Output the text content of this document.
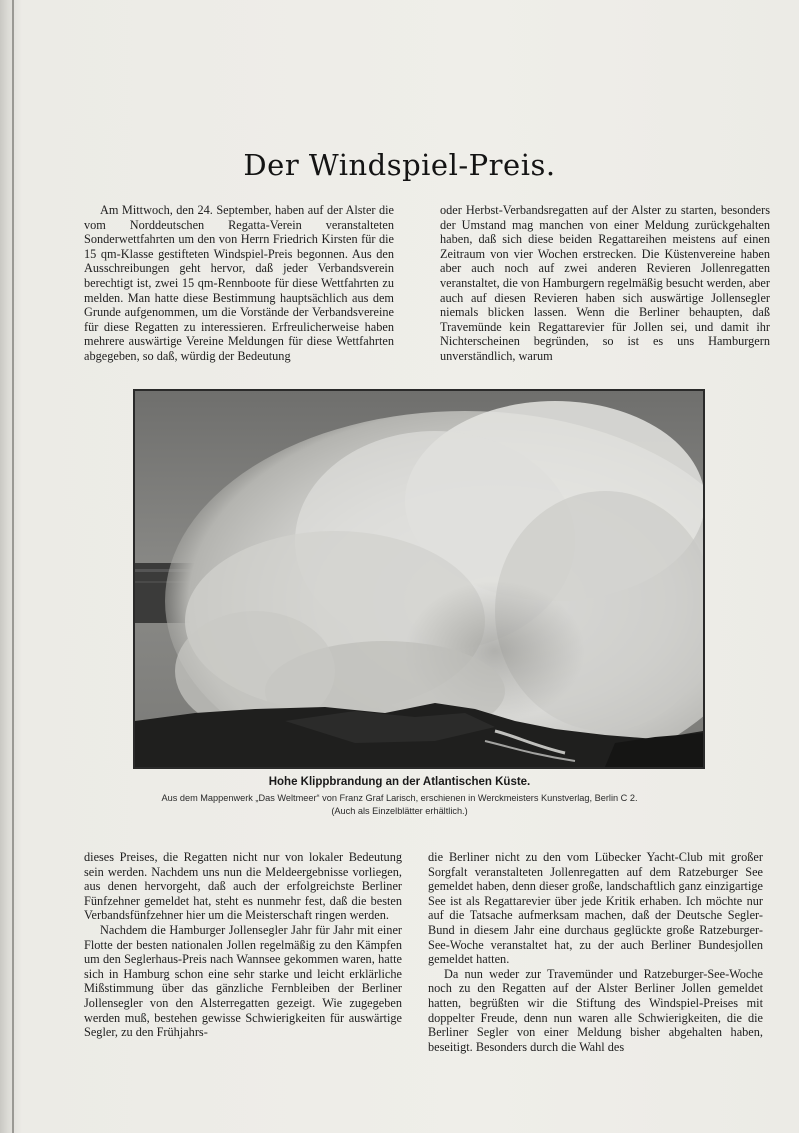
Der Windspiel-Preis.

Am Mittwoch, den 24. September, haben auf der Alster die vom Norddeutschen Regatta-Verein veranstalteten Sonderwettfahrten um den von Herrn Friedrich Kirsten für die 15 qm-Klasse gestifteten Windspiel-Preis begonnen. Aus den Ausschreibungen geht hervor, daß jeder Verbandsverein berechtigt ist, zwei 15 qm-Rennboote für diese Wettfahrten zu melden. Man hatte diese Bestimmung hauptsächlich aus dem Grunde aufgenommen, um die Vorstände der Verbandsvereine für diese Regatten zu interessieren. Erfreulicherweise haben mehrere auswärtige Vereine Meldungen für diese Wettfahrten abgegeben, so daß, würdig der Bedeutung

oder Herbst-Verbandsregatten auf der Alster zu starten, besonders der Umstand mag manchen von einer Meldung zurückgehalten haben, daß sich diese beiden Regattareihen meistens auf einen Zeitraum von vier Wochen erstrecken. Die Küstenvereine haben aber auch noch auf zwei anderen Revieren Jollenregatten veranstaltet, die von Hamburgern regelmäßig besucht werden, aber auch auf diesen Revieren haben sich auswärtige Jollensegler niemals blicken lassen. Wenn die Berliner behaupten, daß Travemünde kein Regattarevier für Jollen sei, und damit ihr Nichterscheinen begründen, so ist es uns Hamburgern unverständlich, warum

Hohe Klippbrandung an der Atlantischen Küste.
Aus dem Mappenwerk „Das Weltmeer“ von Franz Graf Larisch, erschienen in Werckmeisters Kunstverlag, Berlin C 2.
(Auch als Einzelblätter erhältlich.)

dieses Preises, die Regatten nicht nur von lokaler Bedeutung sein werden. Nachdem uns nun die Meldeergebnisse vorliegen, aus denen hervorgeht, daß auch der erfolgreichste Berliner Fünfzehner gemeldet hat, steht es nunmehr fest, daß die besten Verbandsfünfzehner hier um die Meisterschaft ringen werden.

Nachdem die Hamburger Jollensegler Jahr für Jahr mit einer Flotte der besten nationalen Jollen regelmäßig zu den Kämpfen um den Seglerhaus-Preis nach Wannsee gekommen waren, hatte sich in Hamburg schon eine sehr starke und leicht erklärliche Mißstimmung über das gänzliche Fernbleiben der Berliner Jollensegler von den Alsterregatten gezeigt. Wie zugegeben werden muß, bestehen gewisse Schwierigkeiten für auswärtige Segler, zu den Frühjahrs-

die Berliner nicht zu den vom Lübecker Yacht-Club mit großer Sorgfalt veranstalteten Jollenregatten auf dem Ratzeburger See gemeldet haben, denn dieser große, landschaftlich ganz einzigartige See ist als Regattarevier über jede Kritik erhaben. Ich möchte nur auf die Tatsache aufmerksam machen, daß der Deutsche Segler-Bund in diesem Jahr eine durchaus geglückte große Ratzeburger-See-Woche veranstaltet hat, zu der auch Berliner Bundesjollen gemeldet hatten.

Da nun weder zur Travemünder und Ratzeburger-See-Woche noch zu den Regatten auf der Alster Berliner Jollen gemeldet hatten, begrüßten wir die Stiftung des Windspiel-Preises mit doppelter Freude, denn nun waren alle Schwierigkeiten, die die Berliner Segler von einer Meldung bisher abgehalten haben, beseitigt. Besonders durch die Wahl des
